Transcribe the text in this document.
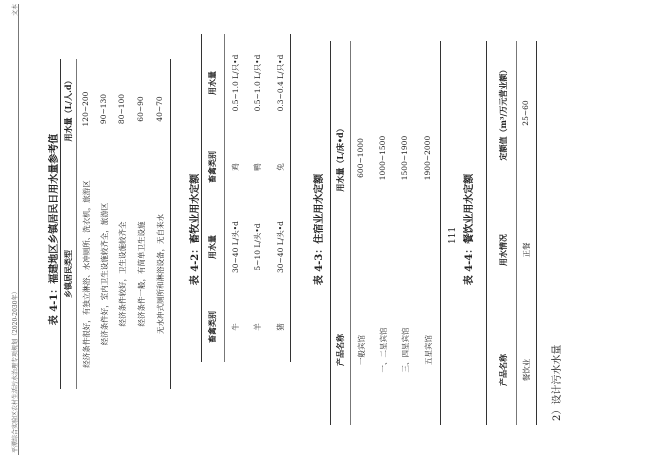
平潭综合实验区农村生活污水治理专项规划（2020-2030年）
文本
表 4-1：福建地区乡镇居民日用水量参考值 乡镇居民类型
用水量（L/人.d）
经济条件很好，有独立淋浴、水冲厕所、洗衣机，旅游区
120~200
经济条件好，室内卫生设施较齐全，旅游区
90~130
经济条件较好，卫生设施较齐全
80~100
经济条件一般，有简单卫生设施
60~90
无水冲式厕所和淋浴设备，无自来水
40~70
表 4-2：畜牧业用水定额
畜禽类别
用水量
畜禽类别
用水量
牛
30~40 L/头•d
鸡
0.5~1.0 L/只•d
羊
5~10 L/头•d
鸭
0.5~1.0 L/只•d
猪
30~40 L/头•d
兔
0.3~0.4 L/只•d
表 4-3：住宿业用水定额
产品名称
用水量（L/床•d）
一般宾馆
600~1000
一、二星宾馆
1000~1500
三、四星宾馆
1500~1900
五星宾馆
1900~2000
111 表 4-4：餐饮业用水定额
产品名称
用水情况
定额值（m³/万元营业额）
餐饮业
正餐
25~60
2）设计污水水量
